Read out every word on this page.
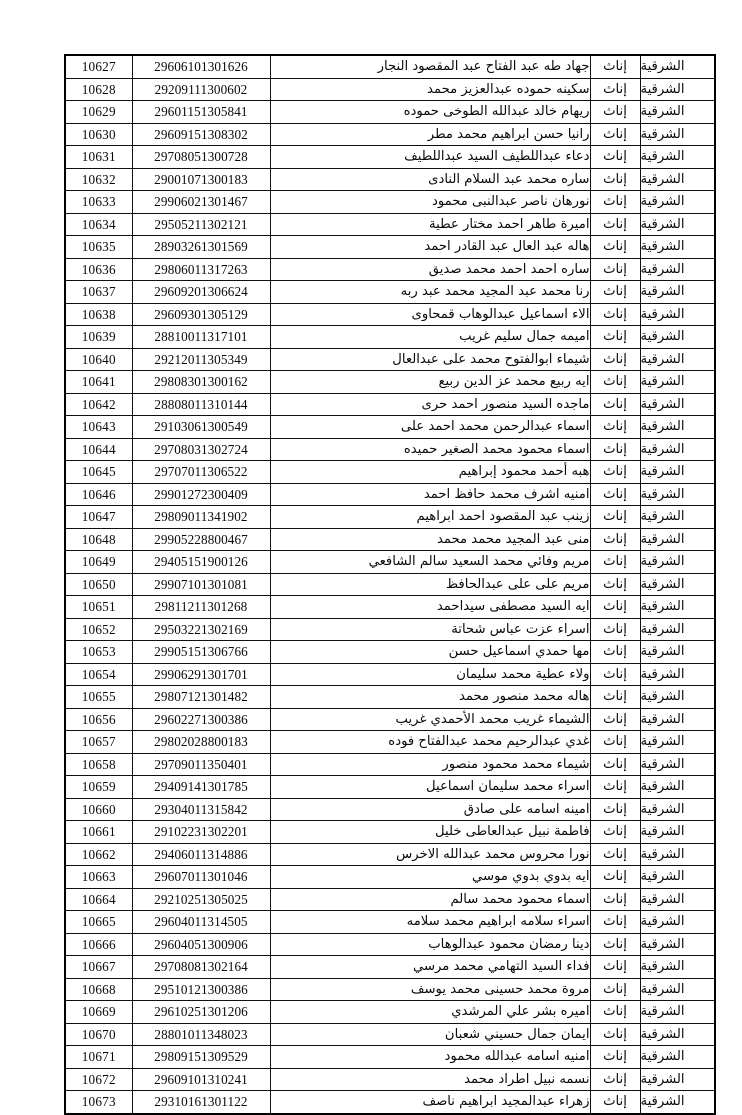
الشرقية	إناث	جهاد طه عبد الفتاح عبد المقصود النجار	29606101301626	10627
الشرقية	إناث	سكينه حموده عبدالعزيز محمد	29209111300602	10628
الشرقية	إناث	ريهام خالد عبدالله الطوخى حموده	29601151305841	10629
الشرقية	إناث	رانيا حسن ابراهيم محمد مطر	29609151308302	10630
الشرقية	إناث	دعاء عبداللطيف السيد عبداللطيف	29708051300728	10631
الشرقية	إناث	ساره محمد عبد السلام النادى	29001071300183	10632
الشرقية	إناث	نورهان ناصر عبدالنبى محمود	29906021301467	10633
الشرقية	إناث	اميرة طاهر احمد مختار عطية	29505211302121	10634
الشرقية	إناث	هاله عبد العال عبد القادر احمد	28903261301569	10635
الشرقية	إناث	ساره احمد احمد محمد صديق	29806011317263	10636
الشرقية	إناث	رنا محمد عبد المجيد محمد عبد ربه	29609201306624	10637
الشرقية	إناث	الاء اسماعيل عبدالوهاب قمحاوى	29609301305129	10638
الشرقية	إناث	اميمه جمال سليم غريب	28810011317101	10639
الشرقية	إناث	شيماء ابوالفتوح محمد على عبدالعال	29212011305349	10640
الشرقية	إناث	ايه ربيع محمد عز الدين ربيع	29808301300162	10641
الشرقية	إناث	ماجده السيد منصور احمد حرى	28808011310144	10642
الشرقية	إناث	اسماء عبدالرحمن محمد احمد على	29103061300549	10643
الشرقية	إناث	اسماء محمود محمد الصغير حميده	29708031302724	10644
الشرقية	إناث	هبه أحمد محمود إبراهيم	29707011306522	10645
الشرقية	إناث	امنيه اشرف محمد حافظ احمد	29901272300409	10646
الشرقية	إناث	زينب عبد المقصود احمد ابراهيم	29809011341902	10647
الشرقية	إناث	منى عبد المجيد محمد محمد	29905228800467	10648
الشرقية	إناث	مريم وفائي محمد السعيد سالم الشافعي	29405151900126	10649
الشرقية	إناث	مريم على على عبدالحافظ	29907101301081	10650
الشرقية	إناث	ايه السيد مصطفى سيداحمد	29811211301268	10651
الشرقية	إناث	اسراء عزت عباس شحاتة	29503221302169	10652
الشرقية	إناث	مها حمدي اسماعيل حسن	29905151306766	10653
الشرقية	إناث	ولاء عطية محمد سليمان	29906291301701	10654
الشرقية	إناث	هاله محمد منصور محمد	29807121301482	10655
الشرقية	إناث	الشيماء غريب محمد الأحمدي غريب	29602271300386	10656
الشرقية	إناث	غدي عبدالرحيم محمد عبدالفتاح فوده	29802028800183	10657
الشرقية	إناث	شيماء محمد محمود منصور	29709011350401	10658
الشرقية	إناث	اسراء محمد سليمان اسماعيل	29409141301785	10659
الشرقية	إناث	امينه اسامه على صادق	29304011315842	10660
الشرقية	إناث	فاطمة نبيل عبدالعاطى خليل	29102231302201	10661
الشرقية	إناث	نورا محروس محمد عبدالله الاخرس	29406011314886	10662
الشرقية	إناث	ايه بدوي بدوي موسي	29607011301046	10663
الشرقية	إناث	اسماء محمود محمد سالم	29210251305025	10664
الشرقية	إناث	اسراء سلامه ابراهيم محمد سلامه	29604011314505	10665
الشرقية	إناث	دينا رمضان محمود عبدالوهاب	29604051300906	10666
الشرقية	إناث	فداء السيد التهامي محمد مرسي	29708081302164	10667
الشرقية	إناث	مروة محمد حسينى محمد يوسف	29510121300386	10668
الشرقية	إناث	اميره بشر علي المرشدي	29610251301206	10669
الشرقية	إناث	ايمان جمال حسيني شعبان	28801011348023	10670
الشرقية	إناث	امنيه اسامه عبدالله محمود	29809151309529	10671
الشرقية	إناث	نسمه نبيل اطراد محمد	29609101310241	10672
الشرقية	إناث	زهراء عبدالمجيد ابراهيم ناصف	29310161301122	10673
